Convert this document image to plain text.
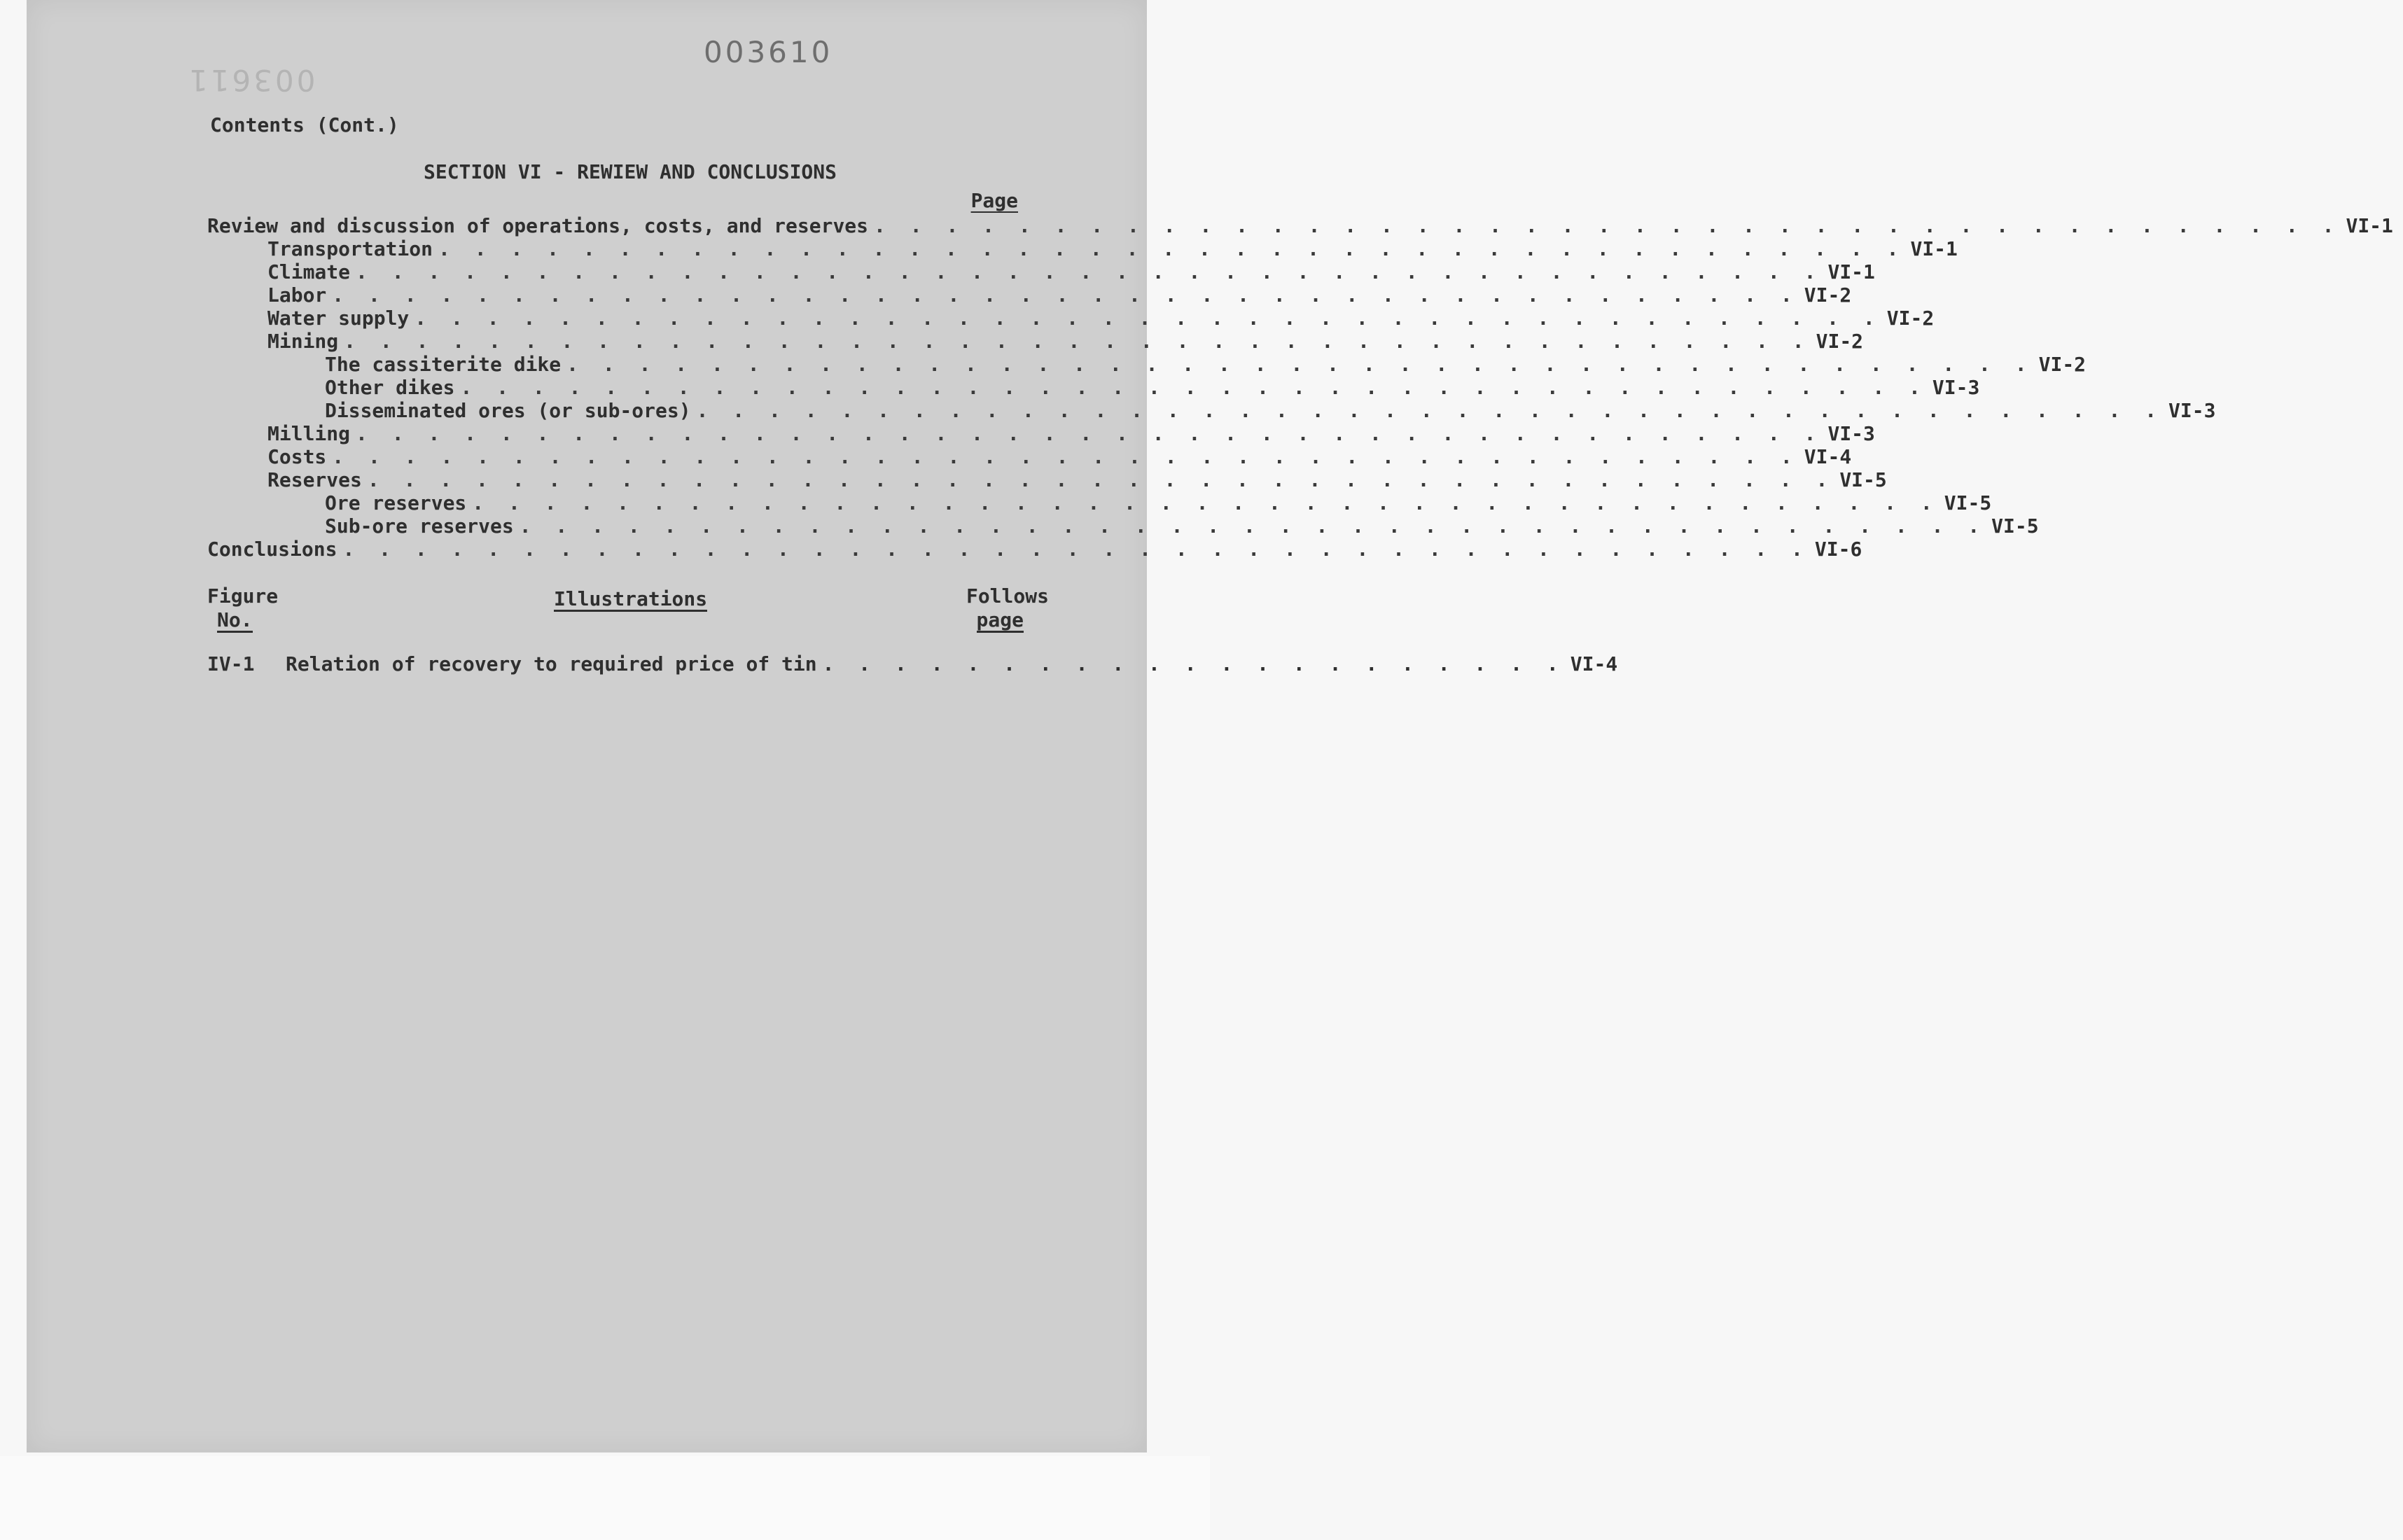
003610
003611
Contents (Cont.)
SECTION VI - REWIEW AND CONCLUSIONS
Page
Review and discussion of operations, costs, and reserves . . . . . . . . . . . . . . . . . . . . . . . . . . . . . . . . . . . . . . . . . VI-1
Transportation . . . . . . . . . . . . . . . . . . . . . . . . . . . . . . . . . . . . . . . . . VI-1
Climate . . . . . . . . . . . . . . . . . . . . . . . . . . . . . . . . . . . . . . . . . VI-1
Labor . . . . . . . . . . . . . . . . . . . . . . . . . . . . . . . . . . . . . . . . . VI-2
Water supply . . . . . . . . . . . . . . . . . . . . . . . . . . . . . . . . . . . . . . . . . VI-2
Mining . . . . . . . . . . . . . . . . . . . . . . . . . . . . . . . . . . . . . . . . . VI-2
The cassiterite dike . . . . . . . . . . . . . . . . . . . . . . . . . . . . . . . . . . . . . . . . . VI-2
Other dikes . . . . . . . . . . . . . . . . . . . . . . . . . . . . . . . . . . . . . . . . . VI-3
Disseminated ores (or sub-ores) . . . . . . . . . . . . . . . . . . . . . . . . . . . . . . . . . . . . . . . . . VI-3
Milling . . . . . . . . . . . . . . . . . . . . . . . . . . . . . . . . . . . . . . . . . VI-3
Costs . . . . . . . . . . . . . . . . . . . . . . . . . . . . . . . . . . . . . . . . . VI-4
Reserves . . . . . . . . . . . . . . . . . . . . . . . . . . . . . . . . . . . . . . . . . VI-5
Ore reserves . . . . . . . . . . . . . . . . . . . . . . . . . . . . . . . . . . . . . . . . . VI-5
Sub-ore reserves . . . . . . . . . . . . . . . . . . . . . . . . . . . . . . . . . . . . . . . . . VI-5
Conclusions . . . . . . . . . . . . . . . . . . . . . . . . . . . . . . . . . . . . . . . . . VI-6
Figure
No.
Illustrations	Follows
page
IV-1	Relation of recovery to required price of tin . . . . . . . . . . . . . . . . . . . . . VI-4
